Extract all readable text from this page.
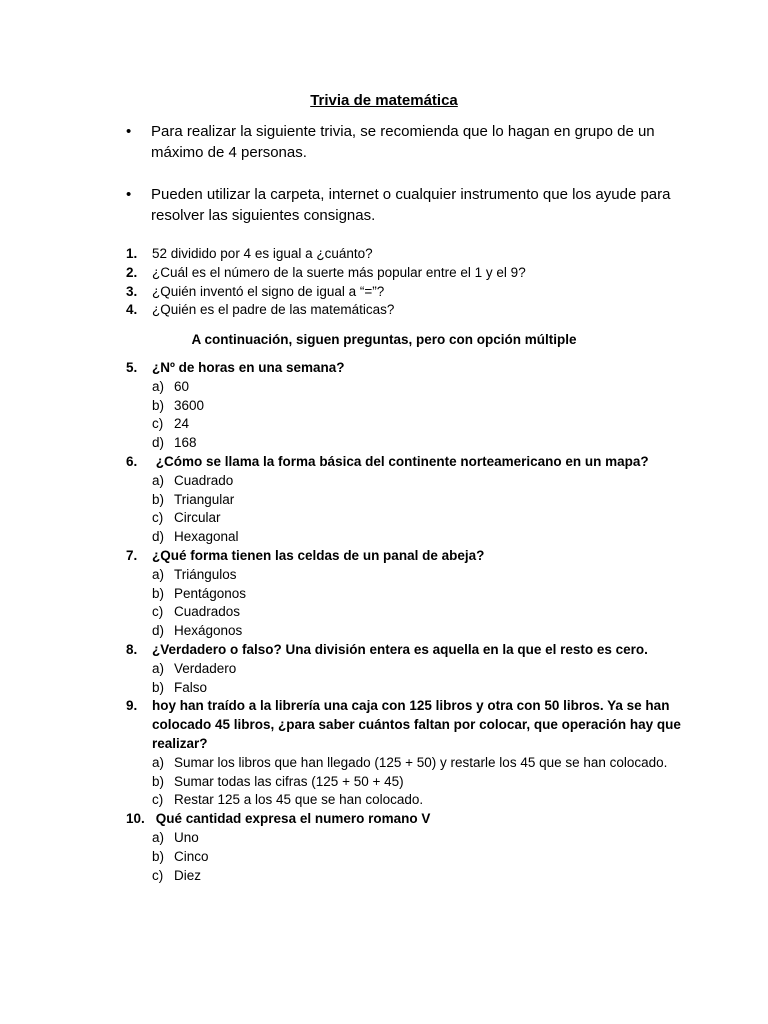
Trivia de matemática
• Para realizar la siguiente trivia, se recomienda que lo hagan en grupo de un máximo de 4 personas.
• Pueden utilizar la carpeta, internet o cualquier instrumento que los ayude para resolver las siguientes consignas.
1. 52 dividido por 4 es igual a ¿cuánto?
2. ¿Cuál es el número de la suerte más popular entre el 1 y el 9?
3. ¿Quién inventó el signo de igual a “=”?
4. ¿Quién es el padre de las matemáticas?
A continuación, siguen preguntas, pero con opción múltiple
5. ¿Nº de horas en una semana?
a) 60
b) 3600
c) 24
d) 168
6. ¿Cómo se llama la forma básica del continente norteamericano en un mapa?
a) Cuadrado
b) Triangular
c) Circular
d) Hexagonal
7. ¿Qué forma tienen las celdas de un panal de abeja?
a) Triángulos
b) Pentágonos
c) Cuadrados
d) Hexágonos
8. ¿Verdadero o falso? Una división entera es aquella en la que el resto es cero.
a) Verdadero
b) Falso
9. hoy han traído a la librería una caja con 125 libros y otra con 50 libros. Ya se han colocado 45 libros, ¿para saber cuántos faltan por colocar, que operación hay que realizar?
a) Sumar los libros que han llegado (125 + 50) y restarle los 45 que se han colocado.
b) Sumar todas las cifras (125 + 50 + 45)
c) Restar 125 a los 45 que se han colocado.
10. Qué cantidad expresa el numero romano V
a) Uno
b) Cinco
c) Diez
